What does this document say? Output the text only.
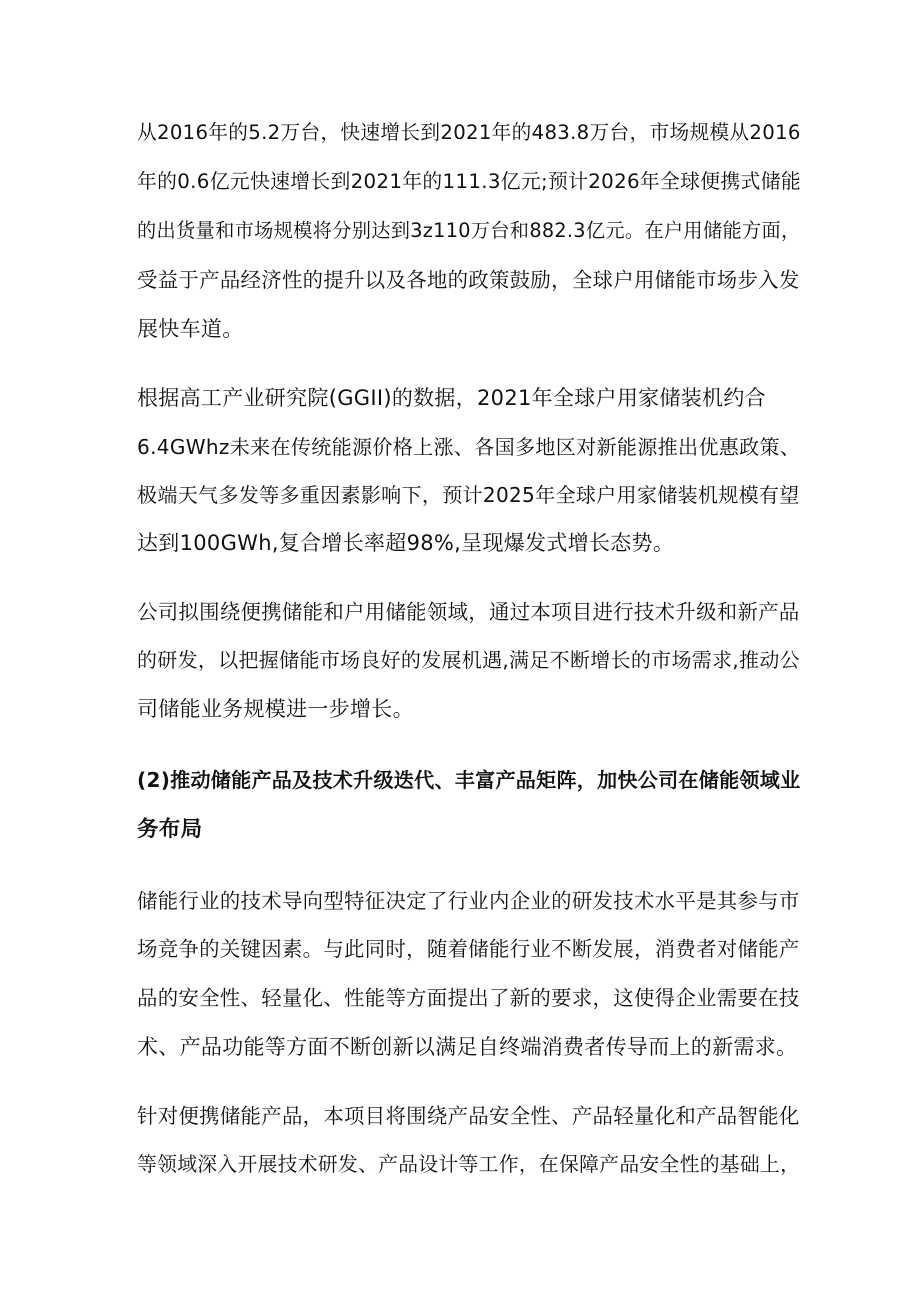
从2016年的5.2万台，快速增长到2021年的483.8万台，市场规模从2016
年的0.6亿元快速增长到2021年的111.3亿元;预计2026年全球便携式储能
的出货量和市场规模将分别达到3z110万台和882.3亿元。在户用储能方面，
受益于产品经济性的提升以及各地的政策鼓励，全球户用储能市场步入发
展快车道。
根据高工产业研究院(GGII)的数据，2021年全球户用家储装机约合
6.4GWhz未来在传统能源价格上涨、各国多地区对新能源推出优惠政策、
极端天气多发等多重因素影响下，预计2025年全球户用家储装机规模有望
达到100GWh,复合增长率超98%,呈现爆发式增长态势。
公司拟围绕便携储能和户用储能领域，通过本项目进行技术升级和新产品
的研发，以把握储能市场良好的发展机遇,满足不断增长的市场需求,推动公
司储能业务规模进一步增长。
(2)推动储能产品及技术升级迭代、丰富产品矩阵，加快公司在储能领域业
务布局
储能行业的技术导向型特征决定了行业内企业的研发技术水平是其参与市
场竞争的关键因素。与此同时，随着储能行业不断发展，消费者对储能产
品的安全性、轻量化、性能等方面提出了新的要求，这使得企业需要在技
术、产品功能等方面不断创新以满足自终端消费者传导而上的新需求。
针对便携储能产品，本项目将围绕产品安全性、产品轻量化和产品智能化
等领域深入开展技术研发、产品设计等工作，在保障产品安全性的基础上，
